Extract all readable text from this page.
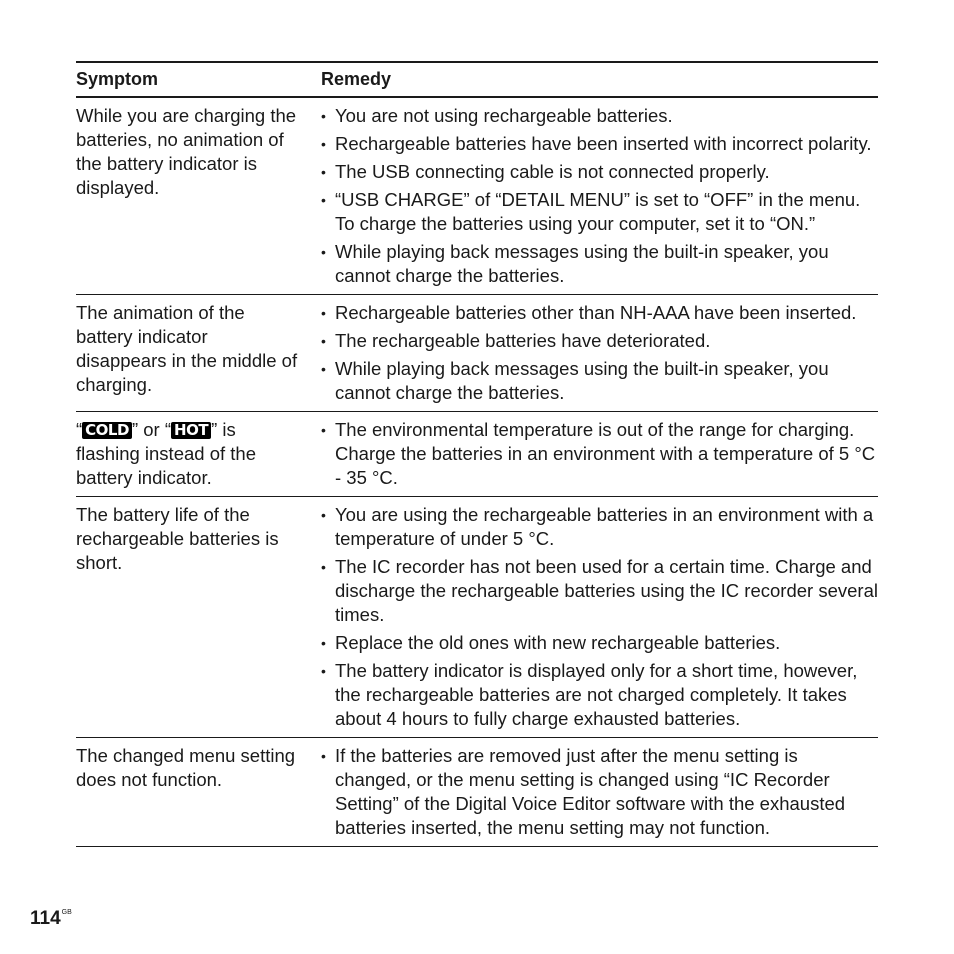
Symptom	Remedy
While you are charging the batteries, no animation of the battery indicator is displayed.
• You are not using rechargeable batteries.
• Rechargeable batteries have been inserted with incorrect polarity.
• The USB connecting cable is not connected properly.
• “USB CHARGE” of “DETAIL MENU” is set to “OFF” in the menu. To charge the batteries using your computer, set it to “ON.”
• While playing back messages using the built-in speaker, you cannot charge the batteries.
The animation of the battery indicator disappears in the middle of charging.
• Rechargeable batteries other than NH-AAA have been inserted.
• The rechargeable batteries have deteriorated.
• While playing back messages using the built-in speaker, you cannot charge the batteries.
“ COLD ” or “ HOT ” is flashing instead of the battery indicator.
• The environmental temperature is out of the range for charging. Charge the batteries in an environment with a temperature of 5 °C - 35 °C.
The battery life of the rechargeable batteries is short.
• You are using the rechargeable batteries in an environment with a temperature of under 5 °C.
• The IC recorder has not been used for a certain time. Charge and discharge the rechargeable batteries using the IC recorder several times.
• Replace the old ones with new rechargeable batteries.
• The battery indicator is displayed only for a short time, however, the rechargeable batteries are not charged completely. It takes about 4 hours to fully charge exhausted batteries.
The changed menu setting does not function.
• If the batteries are removed just after the menu setting is changed, or the menu setting is changed using “IC Recorder Setting” of the Digital Voice Editor software with the exhausted batteries inserted, the menu setting may not function.
$114^{GB}$
